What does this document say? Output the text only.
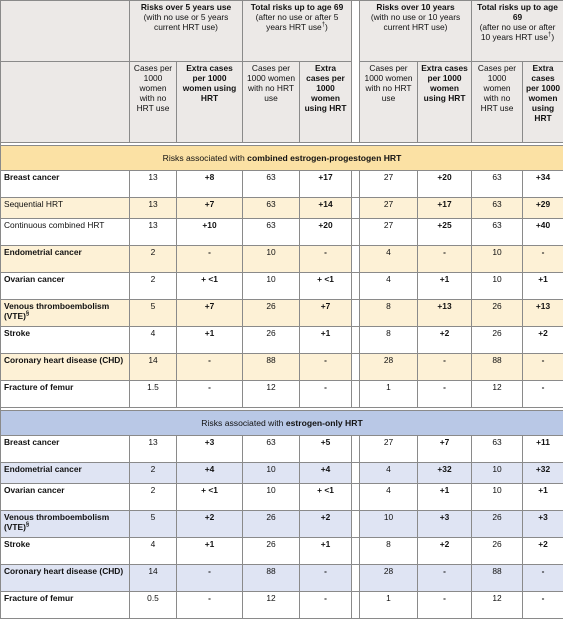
	Risks over 5 years use
(with no use or 5 years current HRT use)		Total risks up to age 69
(after no use or after 5 years HRT use†)			Risks over 10 years
(with no use or 10 years current HRT use)		Total risks up to age 69
(after no use or after 10 years HRT use†)	
	Cases per 1000 women with no HRT use	Extra cases per 1000 women using HRT	Cases per 1000 women with no HRT use	Extra cases per 1000 women using HRT		Cases per 1000 women with no HRT use	Extra cases per 1000 women using HRT	Cases per 1000 women with no HRT use	Extra cases per 1000 women using HRT

Risks associated with combined estrogen-progestogen HRT									
Breast cancer	13	+8	63	+17		27	+20	63	+34
Sequential HRT	13	+7	63	+14		27	+17	63	+29
Continuous combined HRT	13	+10	63	+20		27	+25	63	+40
Endometrial cancer	2	-	10	-		4	-	10	-
Ovarian cancer	2	+ <1	10	+ <1		4	+1	10	+1
Venous thromboembolism (VTE)§	5	+7	26	+7		8	+13	26	+13
Stroke	4	+1	26	+1		8	+2	26	+2
Coronary heart disease (CHD)	14	-	88	-		28	-	88	-
Fracture of femur	1.5	-	12	-		1	-	12	-

Risks associated with estrogen-only HRT									
Breast cancer	13	+3	63	+5		27	+7	63	+11
Endometrial cancer	2	+4	10	+4		4	+32	10	+32
Ovarian cancer	2	+ <1	10	+ <1		4	+1	10	+1
Venous thromboembolism (VTE)§	5	+2	26	+2		10	+3	26	+3
Stroke	4	+1	26	+1		8	+2	26	+2
Coronary heart disease (CHD)	14	-	88	-		28	-	88	-
Fracture of femur	0.5	-	12	-		1	-	12	-
